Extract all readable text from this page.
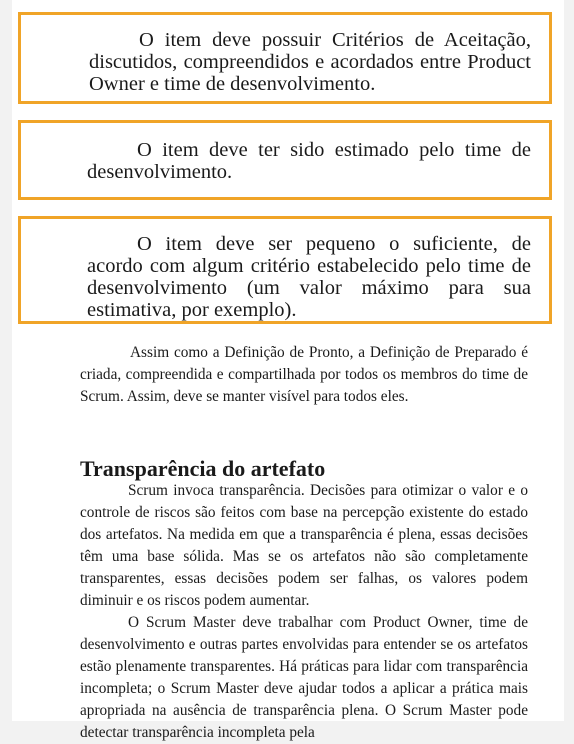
O item deve possuir Critérios de Aceitação, discutidos, compreendidos e acordados entre Product Owner e time de desenvolvimento.

O item deve ter sido estimado pelo time de desenvolvimento.

O item deve ser pequeno o suficiente, de acordo com algum critério estabelecido pelo time de desenvolvimento (um valor máximo para sua estimativa, por exemplo).

Assim como a Definição de Pronto, a Definição de Preparado é criada, compreendida e compartilhada por todos os membros do time de Scrum. Assim, deve se manter visível para todos eles.

Transparência do artefato

Scrum invoca transparência. Decisões para otimizar o valor e o controle de riscos são feitos com base na percepção existente do estado dos artefatos. Na medida em que a transparência é plena, essas decisões têm uma base sólida. Mas se os artefatos não são completamente transparentes, essas decisões podem ser falhas, os valores podem diminuir e os riscos podem aumentar.

O Scrum Master deve trabalhar com Product Owner, time de desenvolvimento e outras partes envolvidas para entender se os artefatos estão plenamente transparentes. Há práticas para lidar com transparência incompleta; o Scrum Master deve ajudar todos a aplicar a prática mais apropriada na ausência de transparência plena. O Scrum Master pode detectar transparência incompleta pela
